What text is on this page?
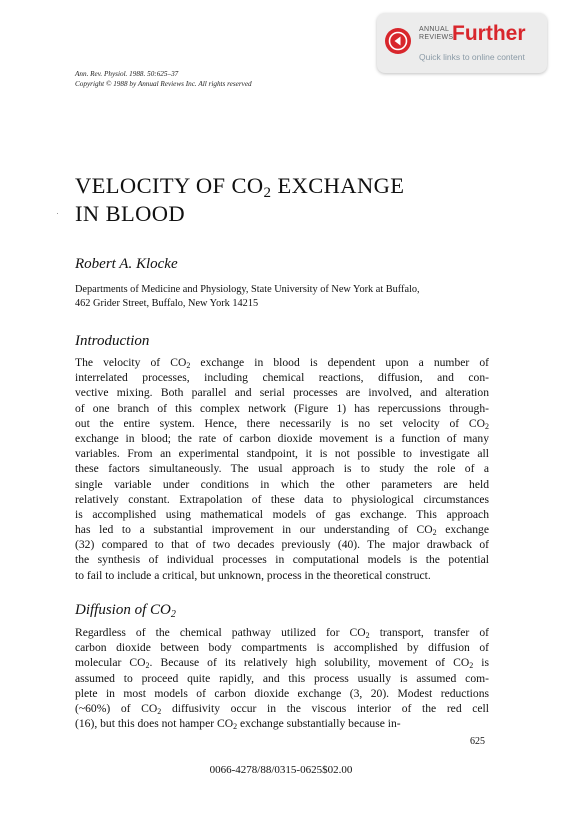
ANNUAL
REVIEWS
Further
Quick links to online content
Ann. Rev. Physiol. 1988. 50:625–37
Copyright © 1988 by Annual Reviews Inc. All rights reserved
VELOCITY OF $CO_2$ EXCHANGE
IN BLOOD
Robert A. Klocke
Departments of Medicine and Physiology, State University of New York at Buffalo,
462 Grider Street, Buffalo, New York 14215
Introduction
The velocity of $CO_2$ exchange in blood is dependent upon a number of
interrelated processes, including chemical reactions, diffusion, and con-
vective mixing. Both parallel and serial processes are involved, and alteration
of one branch of this complex network (Figure 1) has repercussions through-
out the entire system. Hence, there necessarily is no set velocity of $CO_2$
exchange in blood; the rate of carbon dioxide movement is a function of many
variables. From an experimental standpoint, it is not possible to investigate all
these factors simultaneously. The usual approach is to study the role of a
single variable under conditions in which the other parameters are held
relatively constant. Extrapolation of these data to physiological circumstances
is accomplished using mathematical models of gas exchange. This approach
has led to a substantial improvement in our understanding of $CO_2$ exchange
(32) compared to that of two decades previously (40). The major drawback of
the synthesis of individual processes in computational models is the potential
to fail to include a critical, but unknown, process in the theoretical construct.
Diffusion of $CO_2$
Regardless of the chemical pathway utilized for $CO_2$ transport, transfer of
carbon dioxide between body compartments is accomplished by diffusion of
molecular $CO_2$. Because of its relatively high solubility, movement of $CO_2$ is
assumed to proceed quite rapidly, and this process usually is assumed com-
plete in most models of carbon dioxide exchange (3, 20). Modest reductions
(~60%) of $CO_2$ diffusivity occur in the viscous interior of the red cell
(16), but this does not hamper $CO_2$ exchange substantially because in-
625
0066-4278/88/0315-0625$02.00
